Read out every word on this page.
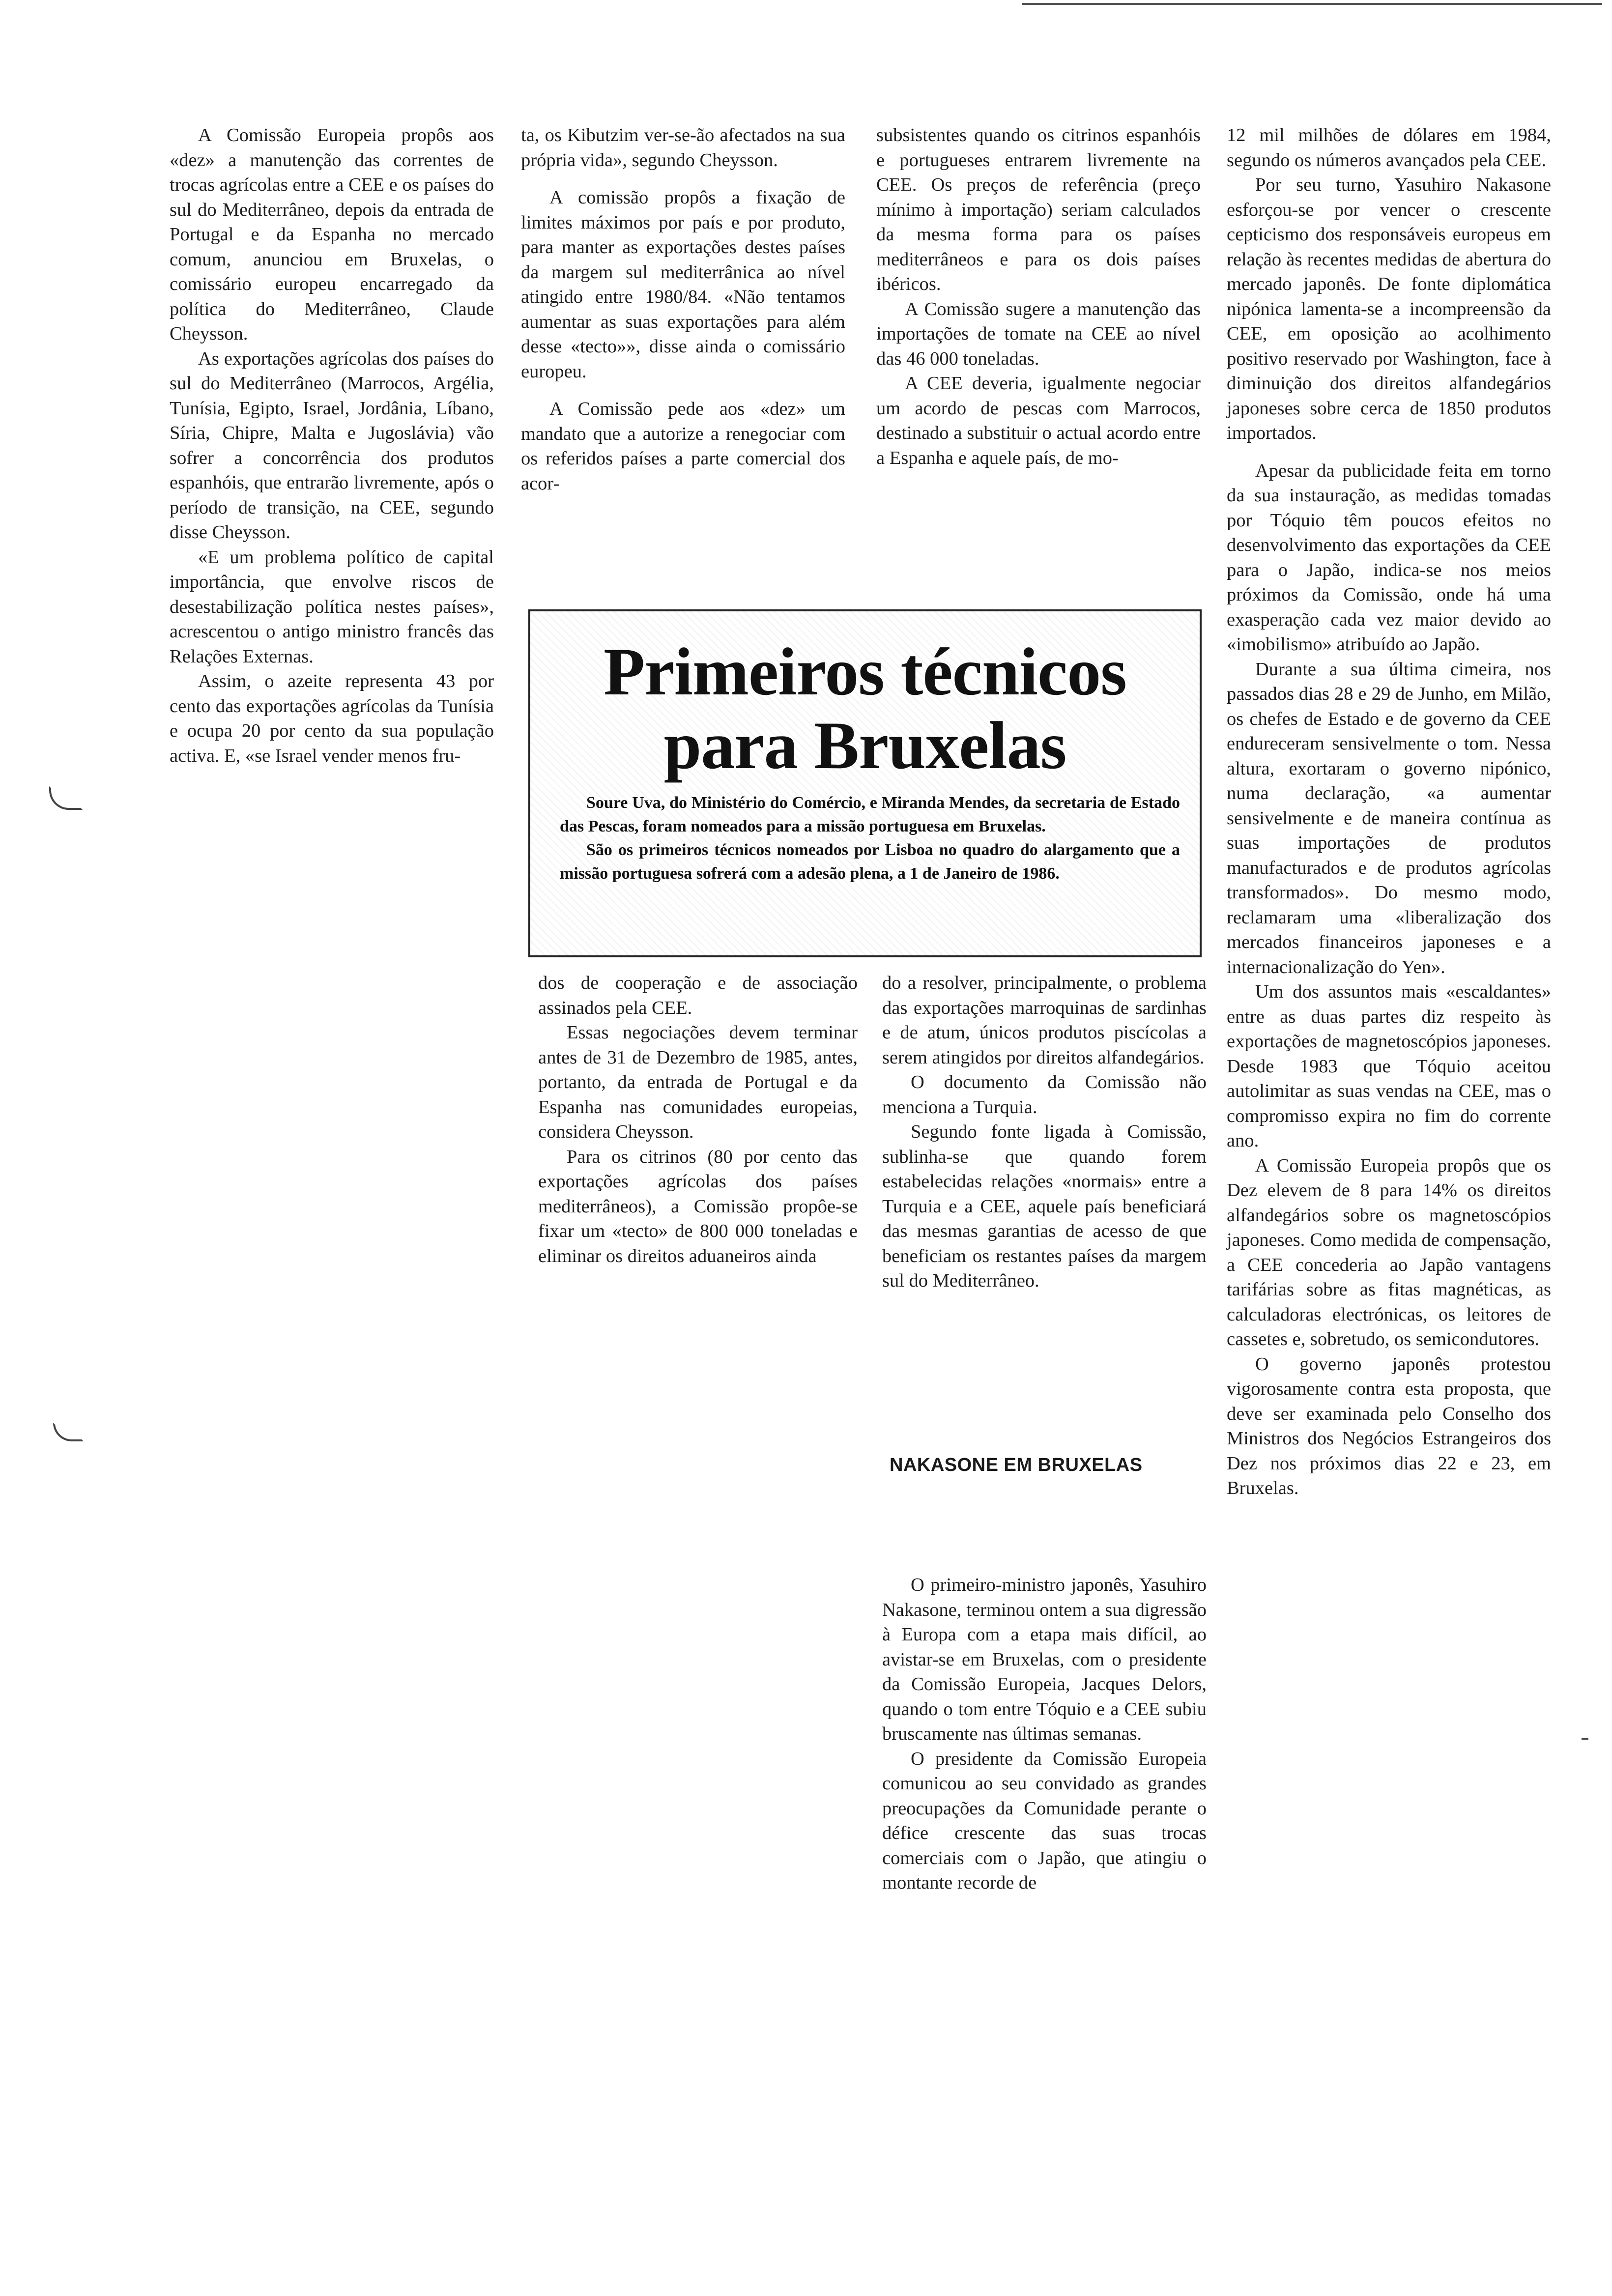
A Comissão Europeia propôs aos «dez» a manutenção das correntes de trocas agrícolas entre a CEE e os países do sul do Mediterrâneo, depois da entrada de Portugal e da Espanha no mercado comum, anunciou em Bruxelas, o comissário europeu encarregado da política do Mediterrâneo, Claude Cheysson.

As exportações agrícolas dos países do sul do Mediterrâneo (Marrocos, Argélia, Tunísia, Egipto, Israel, Jordânia, Líbano, Síria, Chipre, Malta e Jugoslávia) vão sofrer a concorrência dos produtos espanhóis, que entrarão livremente, após o período de transição, na CEE, segundo disse Cheysson.

«E um problema político de capital importância, que envolve riscos de desestabilização política nestes países», acrescentou o antigo ministro francês das Relações Externas.

Assim, o azeite representa 43 por cento das exportações agrícolas da Tunísia e ocupa 20 por cento da sua população activa. E, «se Israel vender menos fru-

ta, os Kibutzim ver-se-ão afectados na sua própria vida», segundo Cheysson.

A comissão propôs a fixação de limites máximos por país e por produto, para manter as exportações destes países da margem sul mediterrânica ao nível atingido entre 1980/84. «Não tentamos aumentar as suas exportações para além desse «tecto»», disse ainda o comissário europeu.

A Comissão pede aos «dez» um mandato que a autorize a renegociar com os referidos países a parte comercial dos acor-

subsistentes quando os citrinos espanhóis e portugueses entrarem livremente na CEE. Os preços de referência (preço mínimo à importação) seriam calculados da mesma forma para os países mediterrâneos e para os dois países ibéricos.

A Comissão sugere a manutenção das importações de tomate na CEE ao nível das 46 000 toneladas.

A CEE deveria, igualmente negociar um acordo de pescas com Marrocos, destinado a substituir o actual acordo entre a Espanha e aquele país, de mo-

12 mil milhões de dólares em 1984, segundo os números avançados pela CEE.

Por seu turno, Yasuhiro Nakasone esforçou-se por vencer o crescente cepticismo dos responsáveis europeus em relação às recentes medidas de abertura do mercado japonês. De fonte diplomática nipónica lamenta-se a incompreensão da CEE, em oposição ao acolhimento positivo reservado por Washington, face à diminuição dos direitos alfandegários japoneses sobre cerca de 1850 produtos importados.

Apesar da publicidade feita em torno da sua instauração, as medidas tomadas por Tóquio têm poucos efeitos no desenvolvimento das exportações da CEE para o Japão, indica-se nos meios próximos da Comissão, onde há uma exasperação cada vez maior devido ao «imobilismo» atribuído ao Japão.

Durante a sua última cimeira, nos passados dias 28 e 29 de Junho, em Milão, os chefes de Estado e de governo da CEE endureceram sensivelmente o tom. Nessa altura, exortaram o governo nipónico, numa declaração, «a aumentar sensivelmente e de maneira contínua as suas importações de produtos manufacturados e de produtos agrícolas transformados». Do mesmo modo, reclamaram uma «liberalização dos mercados financeiros japoneses e a internacionalização do Yen».

Um dos assuntos mais «escaldantes» entre as duas partes diz respeito às exportações de magnetoscópios japoneses. Desde 1983 que Tóquio aceitou autolimitar as suas vendas na CEE, mas o compromisso expira no fim do corrente ano.

A Comissão Europeia propôs que os Dez elevem de 8 para 14% os direitos alfandegários sobre os magnetoscópios japoneses. Como medida de compensação, a CEE concederia ao Japão vantagens tarifárias sobre as fitas magnéticas, as calculadoras electrónicas, os leitores de cassetes e, sobretudo, os semicondutores.

O governo japonês protestou vigorosamente contra esta proposta, que deve ser examinada pelo Conselho dos Ministros dos Negócios Estrangeiros dos Dez nos próximos dias 22 e 23, em Bruxelas.

Primeiros técnicos
para Bruxelas

Soure Uva, do Ministério do Comércio, e Miranda Mendes, da secretaria de Estado das Pescas, foram nomeados para a missão portuguesa em Bruxelas.

São os primeiros técnicos nomeados por Lisboa no quadro do alargamento que a missão portuguesa sofrerá com a adesão plena, a 1 de Janeiro de 1986.

dos de cooperação e de associação assinados pela CEE.

Essas negociações devem terminar antes de 31 de Dezembro de 1985, antes, portanto, da entrada de Portugal e da Espanha nas comunidades europeias, considera Cheysson.

Para os citrinos (80 por cento das exportações agrícolas dos países mediterrâneos), a Comissão propôe-se fixar um «tecto» de 800 000 toneladas e eliminar os direitos aduaneiros ainda

do a resolver, principalmente, o problema das exportações marroquinas de sardinhas e de atum, únicos produtos piscícolas a serem atingidos por direitos alfandegários.

O documento da Comissão não menciona a Turquia.

Segundo fonte ligada à Comissão, sublinha-se que quando forem estabelecidas relações «normais» entre a Turquia e a CEE, aquele país beneficiará das mesmas garantias de acesso de que beneficiam os restantes países da margem sul do Mediterrâneo.

NAKASONE EM BRUXELAS

O primeiro-ministro japonês, Yasuhiro Nakasone, terminou ontem a sua digressão à Europa com a etapa mais difícil, ao avistar-se em Bruxelas, com o presidente da Comissão Europeia, Jacques Delors, quando o tom entre Tóquio e a CEE subiu bruscamente nas últimas semanas.

O presidente da Comissão Europeia comunicou ao seu convidado as grandes preocupações da Comunidade perante o défice crescente das suas trocas comerciais com o Japão, que atingiu o montante recorde de
